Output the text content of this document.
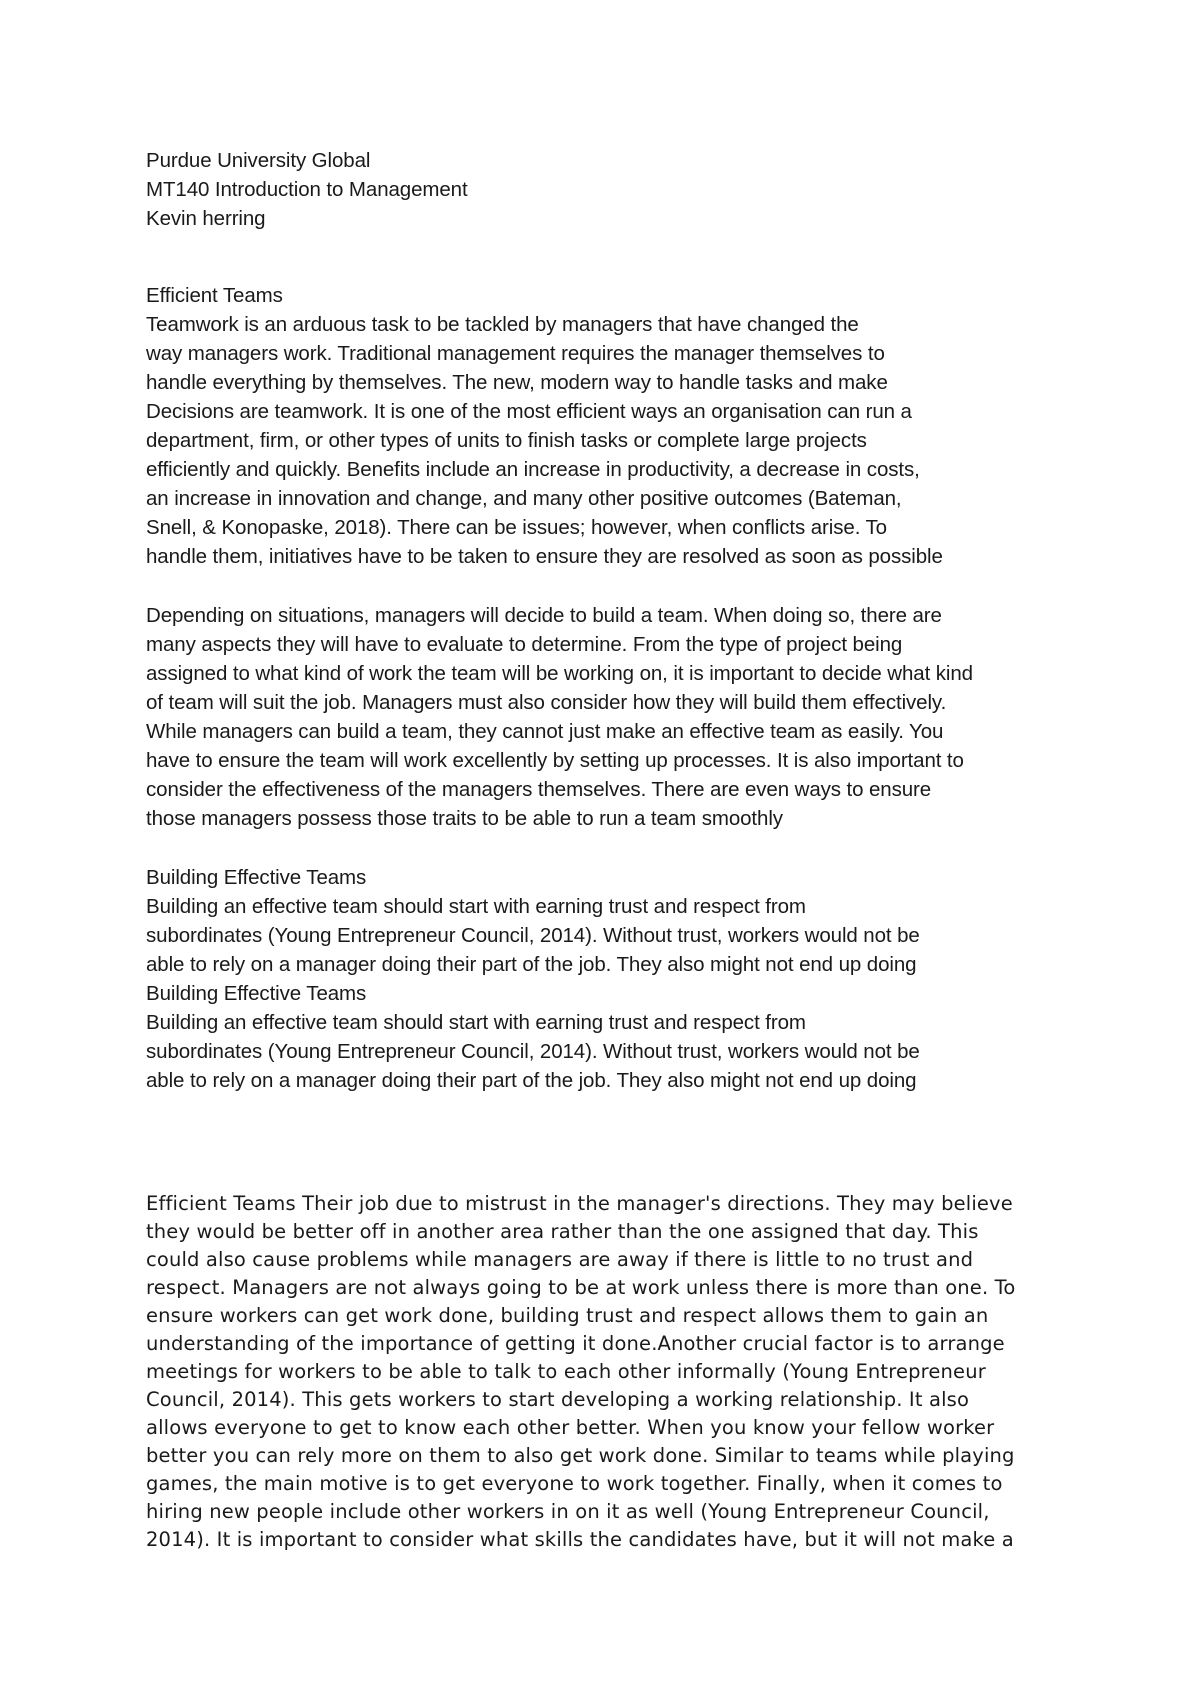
Purdue University Global
MT140 Introduction to Management
Kevin herring
Efficient Teams
Teamwork is an arduous task to be tackled by managers that have changed the
way managers work. Traditional management requires the manager themselves to
handle everything by themselves. The new, modern way to handle tasks and make
Decisions are teamwork. It is one of the most efficient ways an organisation can run a
department, firm, or other types of units to finish tasks or complete large projects
efficiently and quickly. Benefits include an increase in productivity, a decrease in costs,
an increase in innovation and change, and many other positive outcomes (Bateman,
Snell, & Konopaske, 2018). There can be issues; however, when conflicts arise. To
handle them, initiatives have to be taken to ensure they are resolved as soon as possible
Depending on situations, managers will decide to build a team. When doing so, there are
many aspects they will have to evaluate to determine. From the type of project being
assigned to what kind of work the team will be working on, it is important to decide what kind
of team will suit the job. Managers must also consider how they will build them effectively.
While managers can build a team, they cannot just make an effective team as easily. You
have to ensure the team will work excellently by setting up processes. It is also important to
consider the effectiveness of the managers themselves. There are even ways to ensure
those managers possess those traits to be able to run a team smoothly
Building Effective Teams
Building an effective team should start with earning trust and respect from
subordinates (Young Entrepreneur Council, 2014). Without trust, workers would not be
able to rely on a manager doing their part of the job. They also might not end up doing
Building Effective Teams
Building an effective team should start with earning trust and respect from
subordinates (Young Entrepreneur Council, 2014). Without trust, workers would not be
able to rely on a manager doing their part of the job. They also might not end up doing
Efficient Teams Their job due to mistrust in the manager's directions. They may believe
they would be better off in another area rather than the one assigned that day. This
could also cause problems while managers are away if there is little to no trust and
respect. Managers are not always going to be at work unless there is more than one. To
ensure workers can get work done, building trust and respect allows them to gain an
understanding of the importance of getting it done.Another crucial factor is to arrange
meetings for workers to be able to talk to each other informally (Young Entrepreneur
Council, 2014). This gets workers to start developing a working relationship. It also
allows everyone to get to know each other better. When you know your fellow worker
better you can rely more on them to also get work done. Similar to teams while playing
games, the main motive is to get everyone to work together. Finally, when it comes to
hiring new people include other workers in on it as well (Young Entrepreneur Council,
2014). It is important to consider what skills the candidates have, but it will not make a
